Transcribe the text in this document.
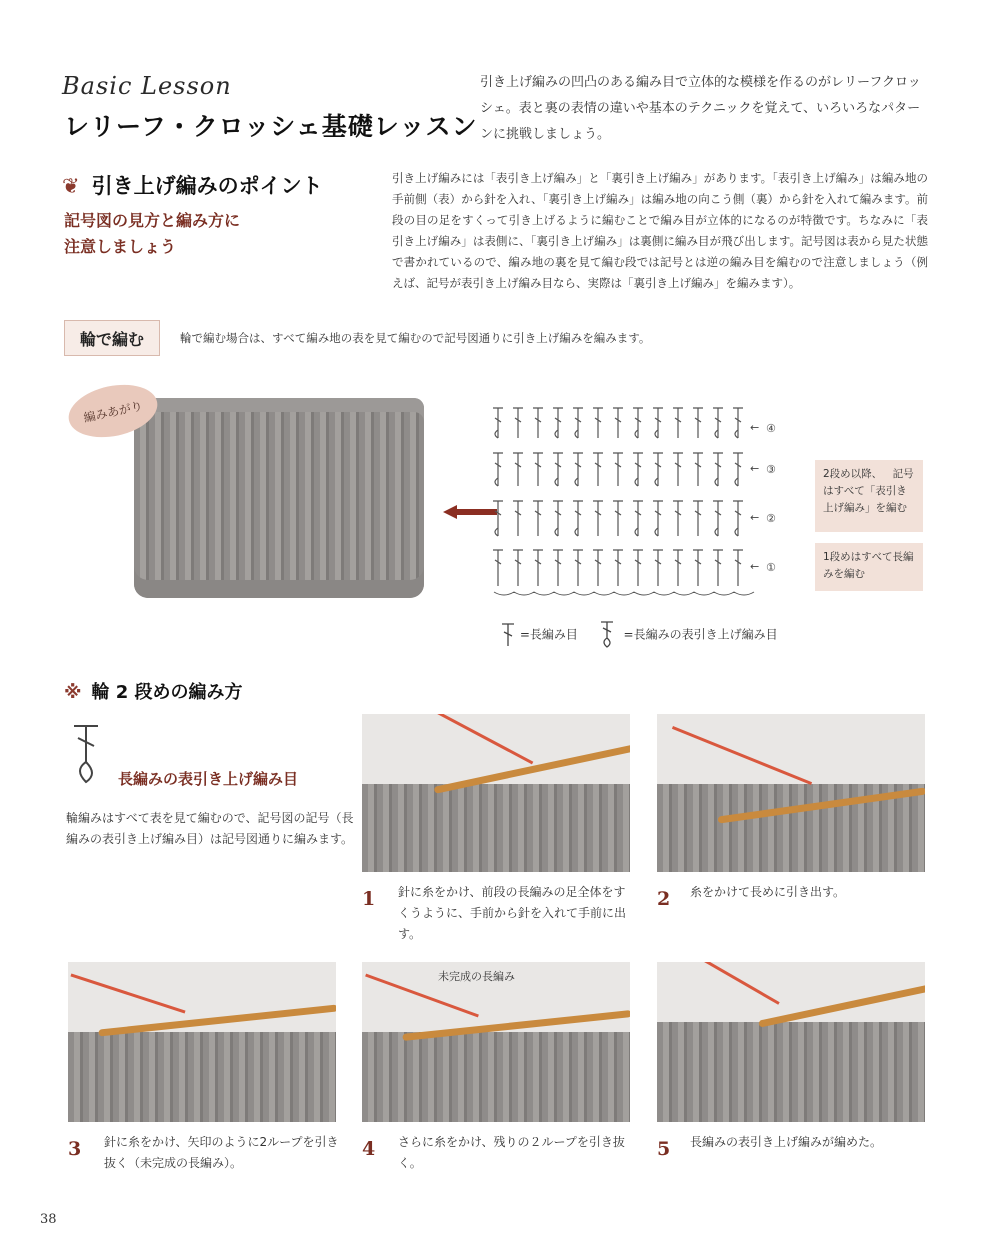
Basic Lesson
レリーフ・クロッシェ基礎レッスン
引き上げ編みの凹凸のある編み目で立体的な模様を作るのがレリーフクロッシェ。表と裏の表情の違いや基本のテクニックを覚えて、いろいろなパターンに挑戦しましょう。
❦ 引き上げ編みのポイント
記号図の見方と編み方に
注意しましょう
引き上げ編みには「表引き上げ編み」と「裏引き上げ編み」があります。「表引き上げ編み」は編み地の手前側（表）から針を入れ、「裏引き上げ編み」は編み地の向こう側（裏）から針を入れて編みます。前段の目の足をすくって引き上げるように編むことで編み目が立体的になるのが特徴です。ちなみに「表引き上げ編み」は表側に、「裏引き上げ編み」は裏側に編み目が飛び出します。記号図は表から見た状態で書かれているので、編み地の裏を見て編む段では記号とは逆の編み目を編むので注意しましょう（例えば、記号が表引き上げ編み目なら、実際は「裏引き上げ編み」を編みます）。
輪で編む	輪で編む場合は、すべて編み地の表を見て編むので記号図通りに引き上げ編みを編みます。
編みあがり
← ④
← ③
← ②
← ①
2段め以降、  記号はすべて「表引き上げ編み」を編む
1段めはすべて長編みを編む
=長編み目	=長編みの表引き上げ編み目
※ 輪 2 段めの編み方
長編みの表引き上げ編み目
輪編みはすべて表を見て編むので、記号図の記号（長編みの表引き上げ編み目）は記号図通りに編みます。
未完成の長編み
1 針に糸をかけ、前段の長編みの足全体をすくうように、手前から針を入れて手前に出す。
2 糸をかけて長めに引き出す。
3 針に糸をかけ、矢印のように2ループを引き抜く（未完成の長編み）。
4 さらに糸をかけ、残りの２ループを引き抜く。
5 長編みの表引き上げ編みが編めた。
38
